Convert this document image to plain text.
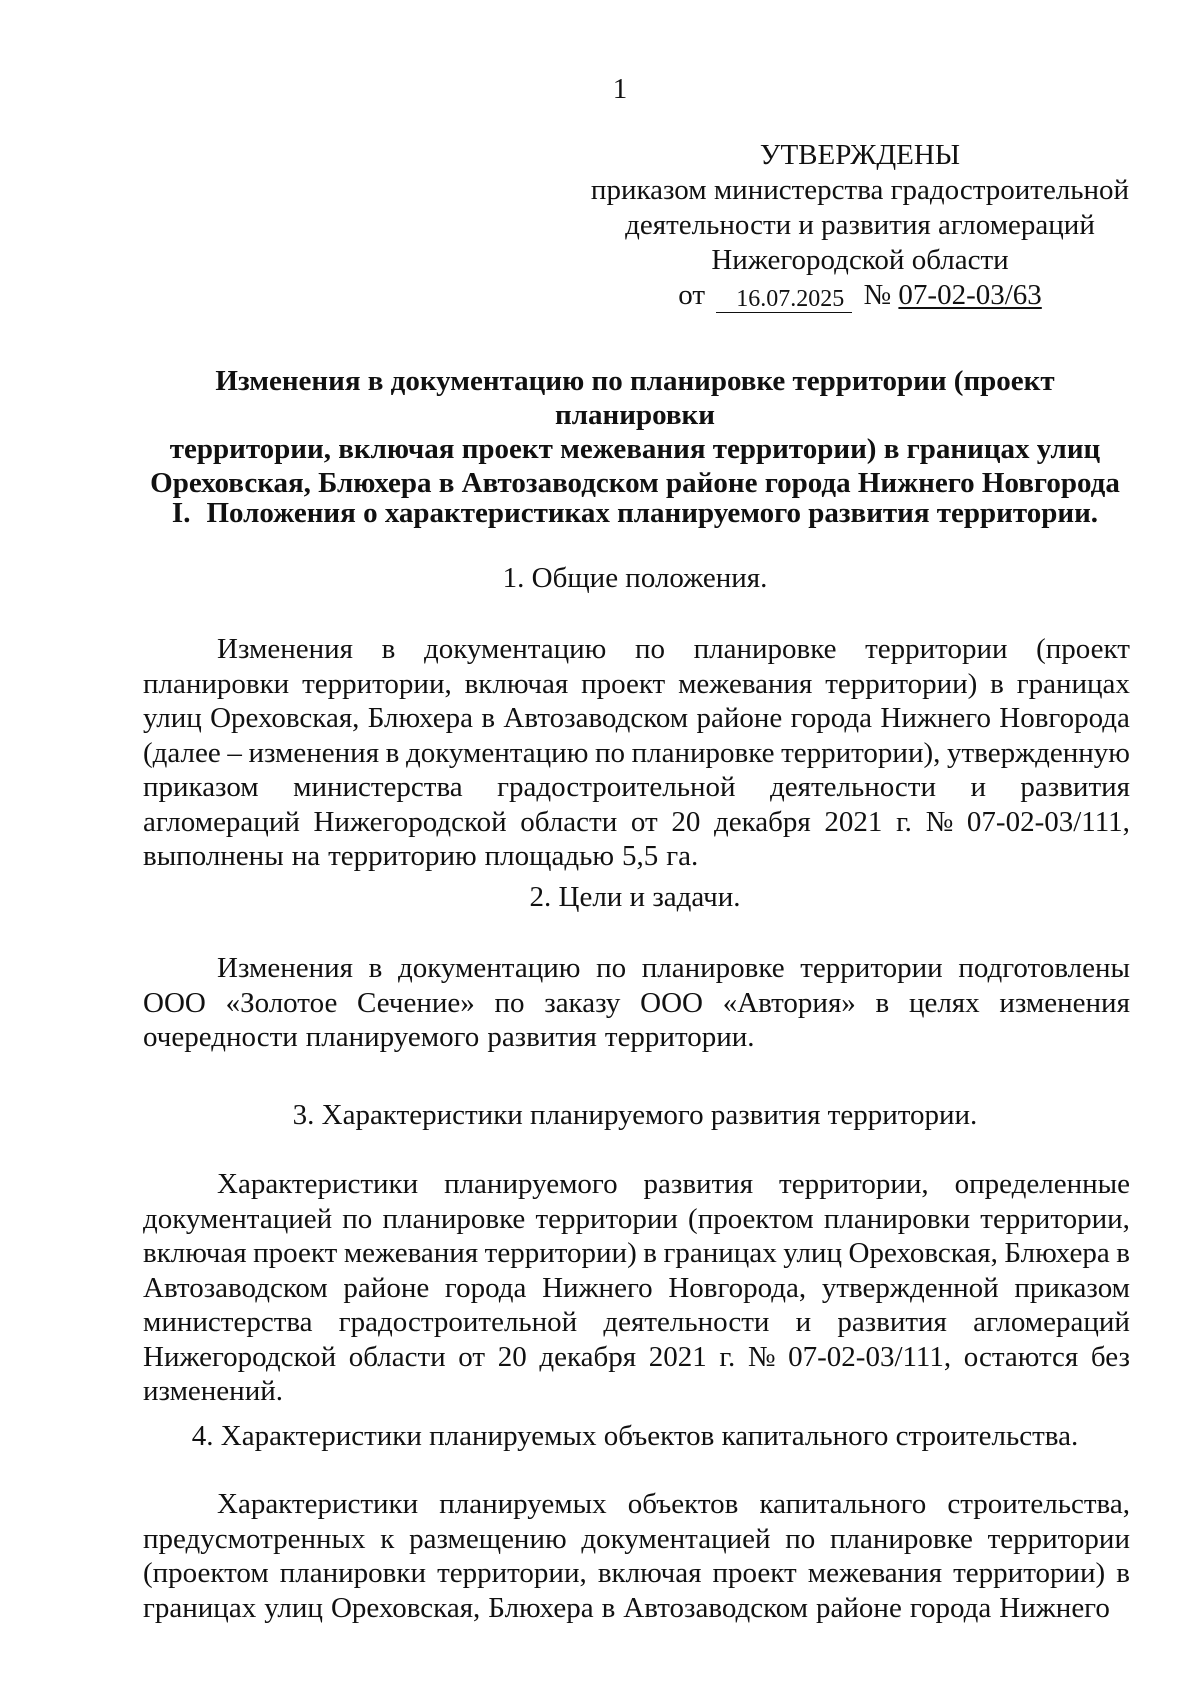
1
УТВЕРЖДЕНЫ
приказом министерства градостроительной
деятельности и развития агломераций
Нижегородской области
от 16.07.2025 № 07-02-03/63
Изменения в документацию по планировке территории (проект планировки
территории, включая проект межевания территории) в границах улиц
Ореховская, Блюхера в Автозаводском районе города Нижнего Новгорода
I. Положения о характеристиках планируемого развития территории.
1. Общие положения.
Изменения в документацию по планировке территории (проект
планировки территории, включая проект межевания территории) в границах
улиц Ореховская, Блюхера в Автозаводском районе города Нижнего Новгорода
(далее – изменения в документацию по планировке территории), утвержденную
приказом министерства градостроительной деятельности и развития
агломераций Нижегородской области от 20 декабря 2021 г. № 07-02-03/111,
выполнены на территорию площадью 5,5 га.
2. Цели и задачи.
Изменения в документацию по планировке территории подготовлены
ООО «Золотое Сечение» по заказу ООО «Автория» в целях изменения
очередности планируемого развития территории.
3. Характеристики планируемого развития территории.
Характеристики планируемого развития территории, определенные
документацией по планировке территории (проектом планировки территории,
включая проект межевания территории) в границах улиц Ореховская, Блюхера в
Автозаводском районе города Нижнего Новгорода, утвержденной приказом
министерства градостроительной деятельности и развития агломераций
Нижегородской области от 20 декабря 2021 г. № 07-02-03/111, остаются без
изменений.
4. Характеристики планируемых объектов капитального строительства.
Характеристики планируемых объектов капитального строительства,
предусмотренных к размещению документацией по планировке территории
(проектом планировки территории, включая проект межевания территории) в
границах улиц Ореховская, Блюхера в Автозаводском районе города Нижнего
